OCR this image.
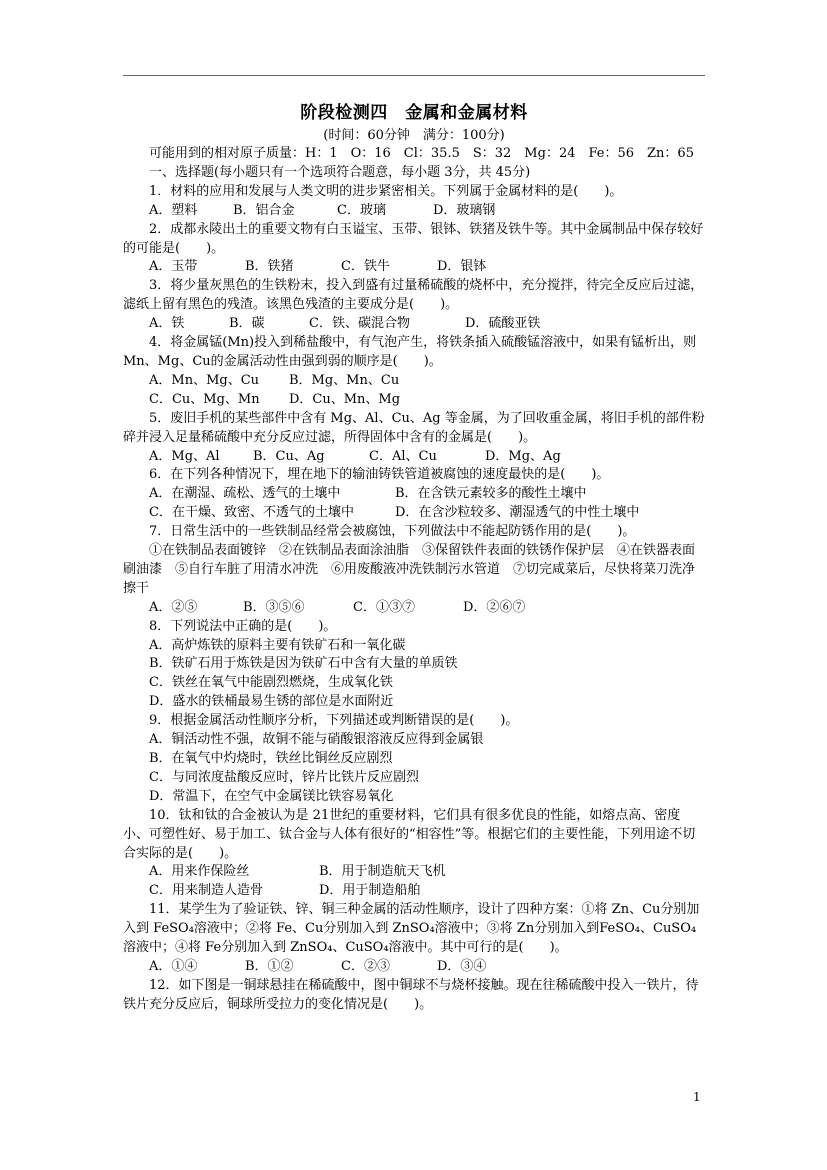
阶段检测四　金属和金属材料
(时间：60分钟　满分：100分)

可能用到的相对原子质量：H：1　O：16　Cl：35.5　S：32　Mg：24　Fe：56　Zn：65

一、选择题(每小题只有一个选项符合题意，每小题 3分，共 45分)

1．材料的应用和发展与人类文明的进步紧密相关。下列属于金属材料的是(　　)。

A．塑料	B．铝合金	C．玻璃	D．玻璃钢

2．成都永陵出土的重要文物有白玉谥宝、玉带、银钵、铁猪及铁牛等。其中金属制品中保存较好的可能是(　　)。

A．玉带	B．铁猪	C．铁牛	D．银钵

3．将少量灰黑色的生铁粉末，投入到盛有过量稀硫酸的烧杯中，充分搅拌，待完全反应后过滤，滤纸上留有黑色的残渣。该黑色残渣的主要成分是(　　)。

A．铁	B．碳	C．铁、碳混合物	D．硫酸亚铁

4．将金属锰(Mn)投入到稀盐酸中，有气泡产生，将铁条插入硫酸锰溶液中，如果有锰析出，则Mn、Mg、Cu的金属活动性由强到弱的顺序是(　　)。

A．Mn、Mg、Cu	B．Mg、Mn、Cu
C．Cu、Mg、Mn	D．Cu、Mn、Mg

5．废旧手机的某些部件中含有 Mg、Al、Cu、Ag 等金属，为了回收重金属，将旧手机的部件粉碎并浸入足量稀硫酸中充分反应过滤，所得固体中含有的金属是(　　)。

A．Mg、Al	B．Cu、Ag	C．Al、Cu	D．Mg、Ag

6．在下列各种情况下，埋在地下的输油铸铁管道被腐蚀的速度最快的是(　　)。

A．在潮湿、疏松、透气的土壤中	B．在含铁元素较多的酸性土壤中
C．在干燥、致密、不透气的土壤中	D．在含沙粒较多、潮湿透气的中性土壤中

7．日常生活中的一些铁制品经常会被腐蚀，下列做法中不能起防锈作用的是(　　)。

①在铁制品表面镀锌　②在铁制品表面涂油脂　③保留铁件表面的铁锈作保护层　④在铁器表面刷油漆　⑤自行车脏了用清水冲洗　⑥用废酸液冲洗铁制污水管道　⑦切完咸菜后，尽快将菜刀洗净擦干

A．②⑤	B．③⑤⑥	C．①③⑦	D．②⑥⑦

8．下列说法中正确的是(　　)。

A．高炉炼铁的原料主要有铁矿石和一氧化碳

B．铁矿石用于炼铁是因为铁矿石中含有大量的单质铁

C．铁丝在氧气中能剧烈燃烧，生成氧化铁

D．盛水的铁桶最易生锈的部位是水面附近

9．根据金属活动性顺序分析，下列描述或判断错误的是(　　)。

A．铜活动性不强，故铜不能与硝酸银溶液反应得到金属银

B．在氧气中灼烧时，铁丝比铜丝反应剧烈

C．与同浓度盐酸反应时，锌片比铁片反应剧烈

D．常温下，在空气中金属镁比铁容易氧化

10．钛和钛的合金被认为是 21世纪的重要材料，它们具有很多优良的性能，如熔点高、密度小、可塑性好、易于加工、钛合金与人体有很好的“相容性”等。根据它们的主要性能，下列用途不切合实际的是(　　)。

A．用来作保险丝	B．用于制造航天飞机
C．用来制造人造骨	D．用于制造船舶

11．某学生为了验证铁、锌、铜三种金属的活动性顺序，设计了四种方案：①将 Zn、Cu分别加入到 FeSO₄溶液中；②将 Fe、Cu分别加入到 ZnSO₄溶液中；③将 Zn分别加入到FeSO₄、CuSO₄溶液中；④将 Fe分别加入到 ZnSO₄、CuSO₄溶液中。其中可行的是(　　)。

A．①④	B．①②	C．②③	D．③④

12．如下图是一铜球悬挂在稀硫酸中，图中铜球不与烧杯接触。现在往稀硫酸中投入一铁片，待铁片充分反应后，铜球所受拉力的变化情况是(　　)。

1
